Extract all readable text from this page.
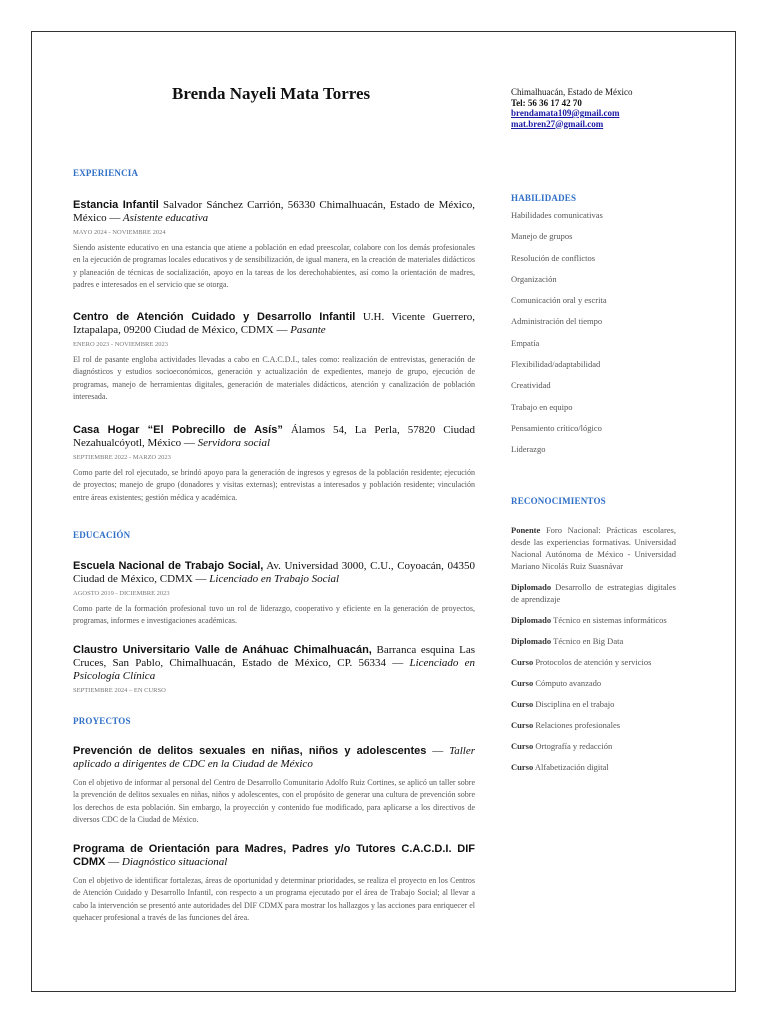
Brenda Nayeli Mata Torres	Chimalhuacán, Estado de México
Tel: 56 36 17 42 70
brendamata109@gmail.com
mat.bren27@gmail.com
EXPERIENCIA
Estancia Infantil Salvador Sánchez Carrión, 56330 Chimalhuacán, Estado de México, México — Asistente educativa
MAYO 2024 - NOVIEMBRE 2024
Siendo asistente educativo en una estancia que atiene a población en edad preescolar, colabore con los demás profesionales en la ejecución de programas locales educativos y de sensibilización, de igual manera, en la creación de materiales didácticos y planeación de técnicas de socialización, apoyo en la tareas de los derechohabientes, así como la orientación de madres, padres e interesados en el servicio que se otorga.
Centro de Atención Cuidado y Desarrollo Infantil U.H. Vicente Guerrero, Iztapalapa, 09200 Ciudad de México, CDMX — Pasante
ENERO 2023 - NOVIEMBRE 2023
El rol de pasante engloba actividades llevadas a cabo en C.A.C.D.I., tales como: realización de entrevistas, generación de diagnósticos y estudios socioeconómicos, generación y actualización de expedientes, manejo de grupo, ejecución de programas, manejo de herramientas digitales, generación de materiales didácticos, atención y canalización de población interesada.
Casa Hogar “El Pobrecillo de Asís” Álamos 54, La Perla, 57820 Ciudad Nezahualcóyotl, México — Servidora social
SEPTIEMBRE 2022 - MARZO 2023
Como parte del rol ejecutado, se brindó apoyo para la generación de ingresos y egresos de la población residente; ejecución de proyectos; manejo de grupo (donadores y visitas externas); entrevistas a interesados y población residente; vinculación entre áreas existentes; gestión médica y académica.
EDUCACIÓN
Escuela Nacional de Trabajo Social, Av. Universidad 3000, C.U., Coyoacán, 04350 Ciudad de México, CDMX — Licenciado en Trabajo Social
AGOSTO 2019 - DICIEMBRE 2023
Como parte de la formación profesional tuvo un rol de liderazgo, cooperativo y eficiente en la generación de proyectos, programas, informes e investigaciones académicas.
Claustro Universitario Valle de Anáhuac Chimalhuacán, Barranca esquina Las Cruces, San Pablo, Chimalhuacán, Estado de México, CP. 56334 — Licenciado en Psicología Clínica
SEPTIEMBRE 2024 – EN CURSO
PROYECTOS
Prevención de delitos sexuales en niñas, niños y adolescentes — Taller aplicado a dirigentes de CDC en la Ciudad de México
Con el objetivo de informar al personal del Centro de Desarrollo Comunitario Adolfo Ruiz Cortines, se aplicó un taller sobre la prevención de delitos sexuales en niñas, niños y adolescentes, con el propósito de generar una cultura de prevención sobre los derechos de esta población. Sin embargo, la proyección y contenido fue modificado, para aplicarse a los directivos de diversos CDC de la Ciudad de México.
Programa de Orientación para Madres, Padres y/o Tutores C.A.C.D.I. DIF CDMX — Diagnóstico situacional
Con el objetivo de identificar fortalezas, áreas de oportunidad y determinar prioridades, se realiza el proyecto en los Centros de Atención Cuidado y Desarrollo Infantil, con respecto a un programa ejecutado por el área de Trabajo Social; al llevar a cabo la intervención se presentó ante autoridades del DIF CDMX para mostrar los hallazgos y las acciones para enriquecer el quehacer profesional a través de las funciones del área.
HABILIDADES
Habilidades comunicativas
Manejo de grupos
Resolución de conflictos
Organización
Comunicación oral y escrita
Administración del tiempo
Empatía
Flexibilidad/adaptabilidad
Creatividad
Trabajo en equipo
Pensamiento crítico/lógico
Liderazgo
RECONOCIMIENTOS
Ponente Foro Nacional: Prácticas escolares, desde las experiencias formativas. Universidad Nacional Autónoma de México - Universidad Mariano Nicolás Ruiz Suasnávar
Diplomado Desarrollo de estrategias digitales de aprendizaje
Diplomado Técnico en sistemas informáticos
Diplomado Técnico en Big Data
Curso Protocolos de atención y servicios
Curso Cómputo avanzado
Curso Disciplina en el trabajo
Curso Relaciones profesionales
Curso Ortografía y redacción
Curso Alfabetización digital
